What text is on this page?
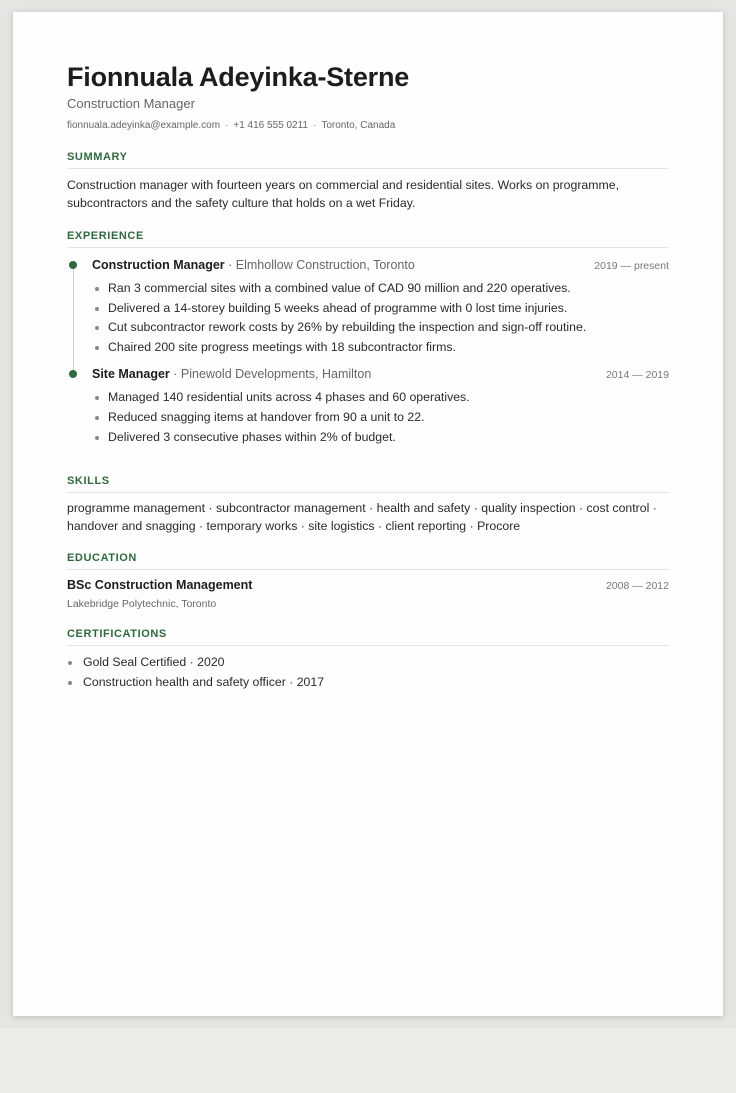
Fionnuala Adeyinka-Sterne
Construction Manager
fionnuala.adeyinka@example.com · +1 416 555 0211 · Toronto, Canada
SUMMARY
Construction manager with fourteen years on commercial and residential sites. Works on programme, subcontractors and the safety culture that holds on a wet Friday.
EXPERIENCE
Construction Manager · Elmhollow Construction, Toronto	2019 — present
Ran 3 commercial sites with a combined value of CAD 90 million and 220 operatives.
Delivered a 14-storey building 5 weeks ahead of programme with 0 lost time injuries.
Cut subcontractor rework costs by 26% by rebuilding the inspection and sign-off routine.
Chaired 200 site progress meetings with 18 subcontractor firms.
Site Manager · Pinewold Developments, Hamilton	2014 — 2019
Managed 140 residential units across 4 phases and 60 operatives.
Reduced snagging items at handover from 90 a unit to 22.
Delivered 3 consecutive phases within 2% of budget.
SKILLS
programme management · subcontractor management · health and safety · quality inspection · cost control · handover and snagging · temporary works · site logistics · client reporting · Procore
EDUCATION
BSc Construction Management	2008 — 2012
Lakebridge Polytechnic, Toronto
CERTIFICATIONS
Gold Seal Certified · 2020
Construction health and safety officer · 2017
